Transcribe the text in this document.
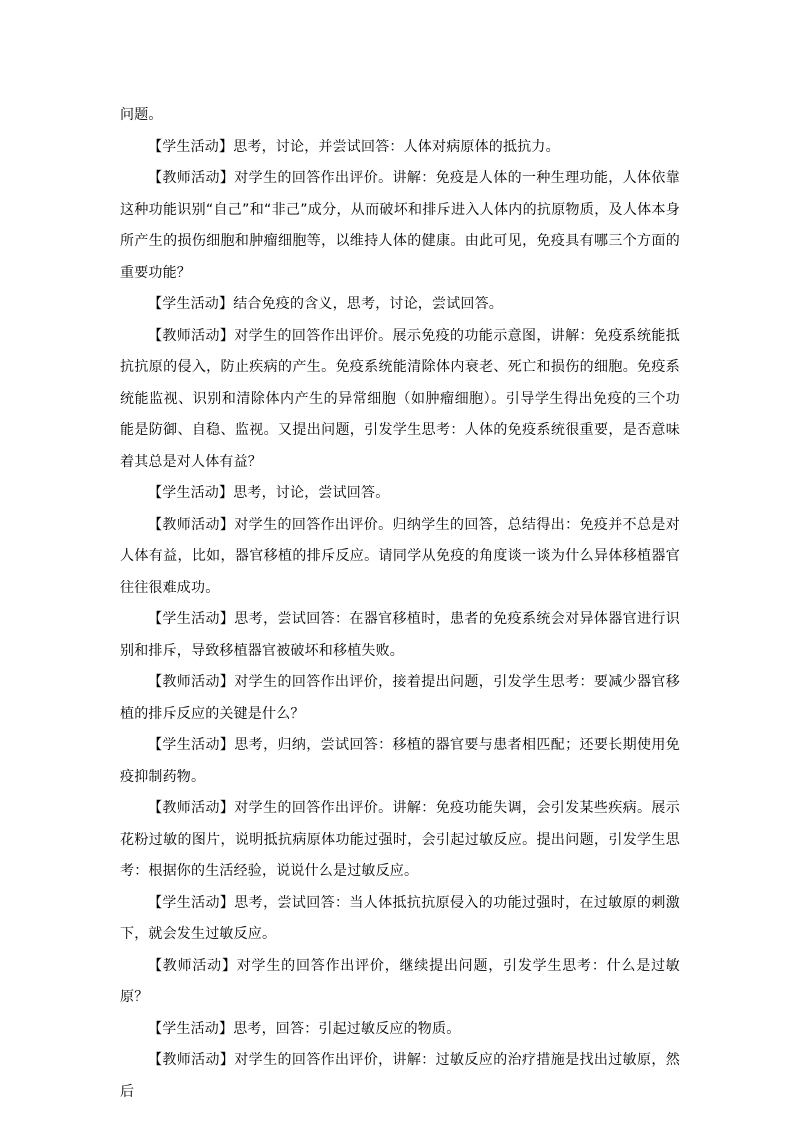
问题。

【学生活动】思考，讨论，并尝试回答：人体对病原体的抵抗力。

【教师活动】对学生的回答作出评价。讲解：免疫是人体的一种生理功能，人体依靠这种功能识别“自己”和“非己”成分，从而破坏和排斥进入人体内的抗原物质，及人体本身所产生的损伤细胞和肿瘤细胞等，以维持人体的健康。由此可见，免疫具有哪三个方面的重要功能？

【学生活动】结合免疫的含义，思考，讨论，尝试回答。

【教师活动】对学生的回答作出评价。展示免疫的功能示意图，讲解：免疫系统能抵抗抗原的侵入，防止疾病的产生。免疫系统能清除体内衰老、死亡和损伤的细胞。免疫系统能监视、识别和清除体内产生的异常细胞（如肿瘤细胞）。引导学生得出免疫的三个功能是防御、自稳、监视。又提出问题，引发学生思考：人体的免疫系统很重要，是否意味着其总是对人体有益？

【学生活动】思考，讨论，尝试回答。

【教师活动】对学生的回答作出评价。归纳学生的回答，总结得出：免疫并不总是对人体有益，比如，器官移植的排斥反应。请同学从免疫的角度谈一谈为什么异体移植器官往往很难成功。

【学生活动】思考，尝试回答：在器官移植时，患者的免疫系统会对异体器官进行识别和排斥，导致移植器官被破坏和移植失败。

【教师活动】对学生的回答作出评价，接着提出问题，引发学生思考：要减少器官移植的排斥反应的关键是什么？

【学生活动】思考，归纳，尝试回答：移植的器官要与患者相匹配；还要长期使用免疫抑制药物。

【教师活动】对学生的回答作出评价。讲解：免疫功能失调，会引发某些疾病。展示花粉过敏的图片，说明抵抗病原体功能过强时，会引起过敏反应。提出问题，引发学生思考：根据你的生活经验，说说什么是过敏反应。

【学生活动】思考，尝试回答：当人体抵抗抗原侵入的功能过强时，在过敏原的刺激下，就会发生过敏反应。

【教师活动】对学生的回答作出评价，继续提出问题，引发学生思考：什么是过敏原？

【学生活动】思考，回答：引起过敏反应的物质。

【教师活动】对学生的回答作出评价，讲解：过敏反应的治疗措施是找出过敏原，然后
